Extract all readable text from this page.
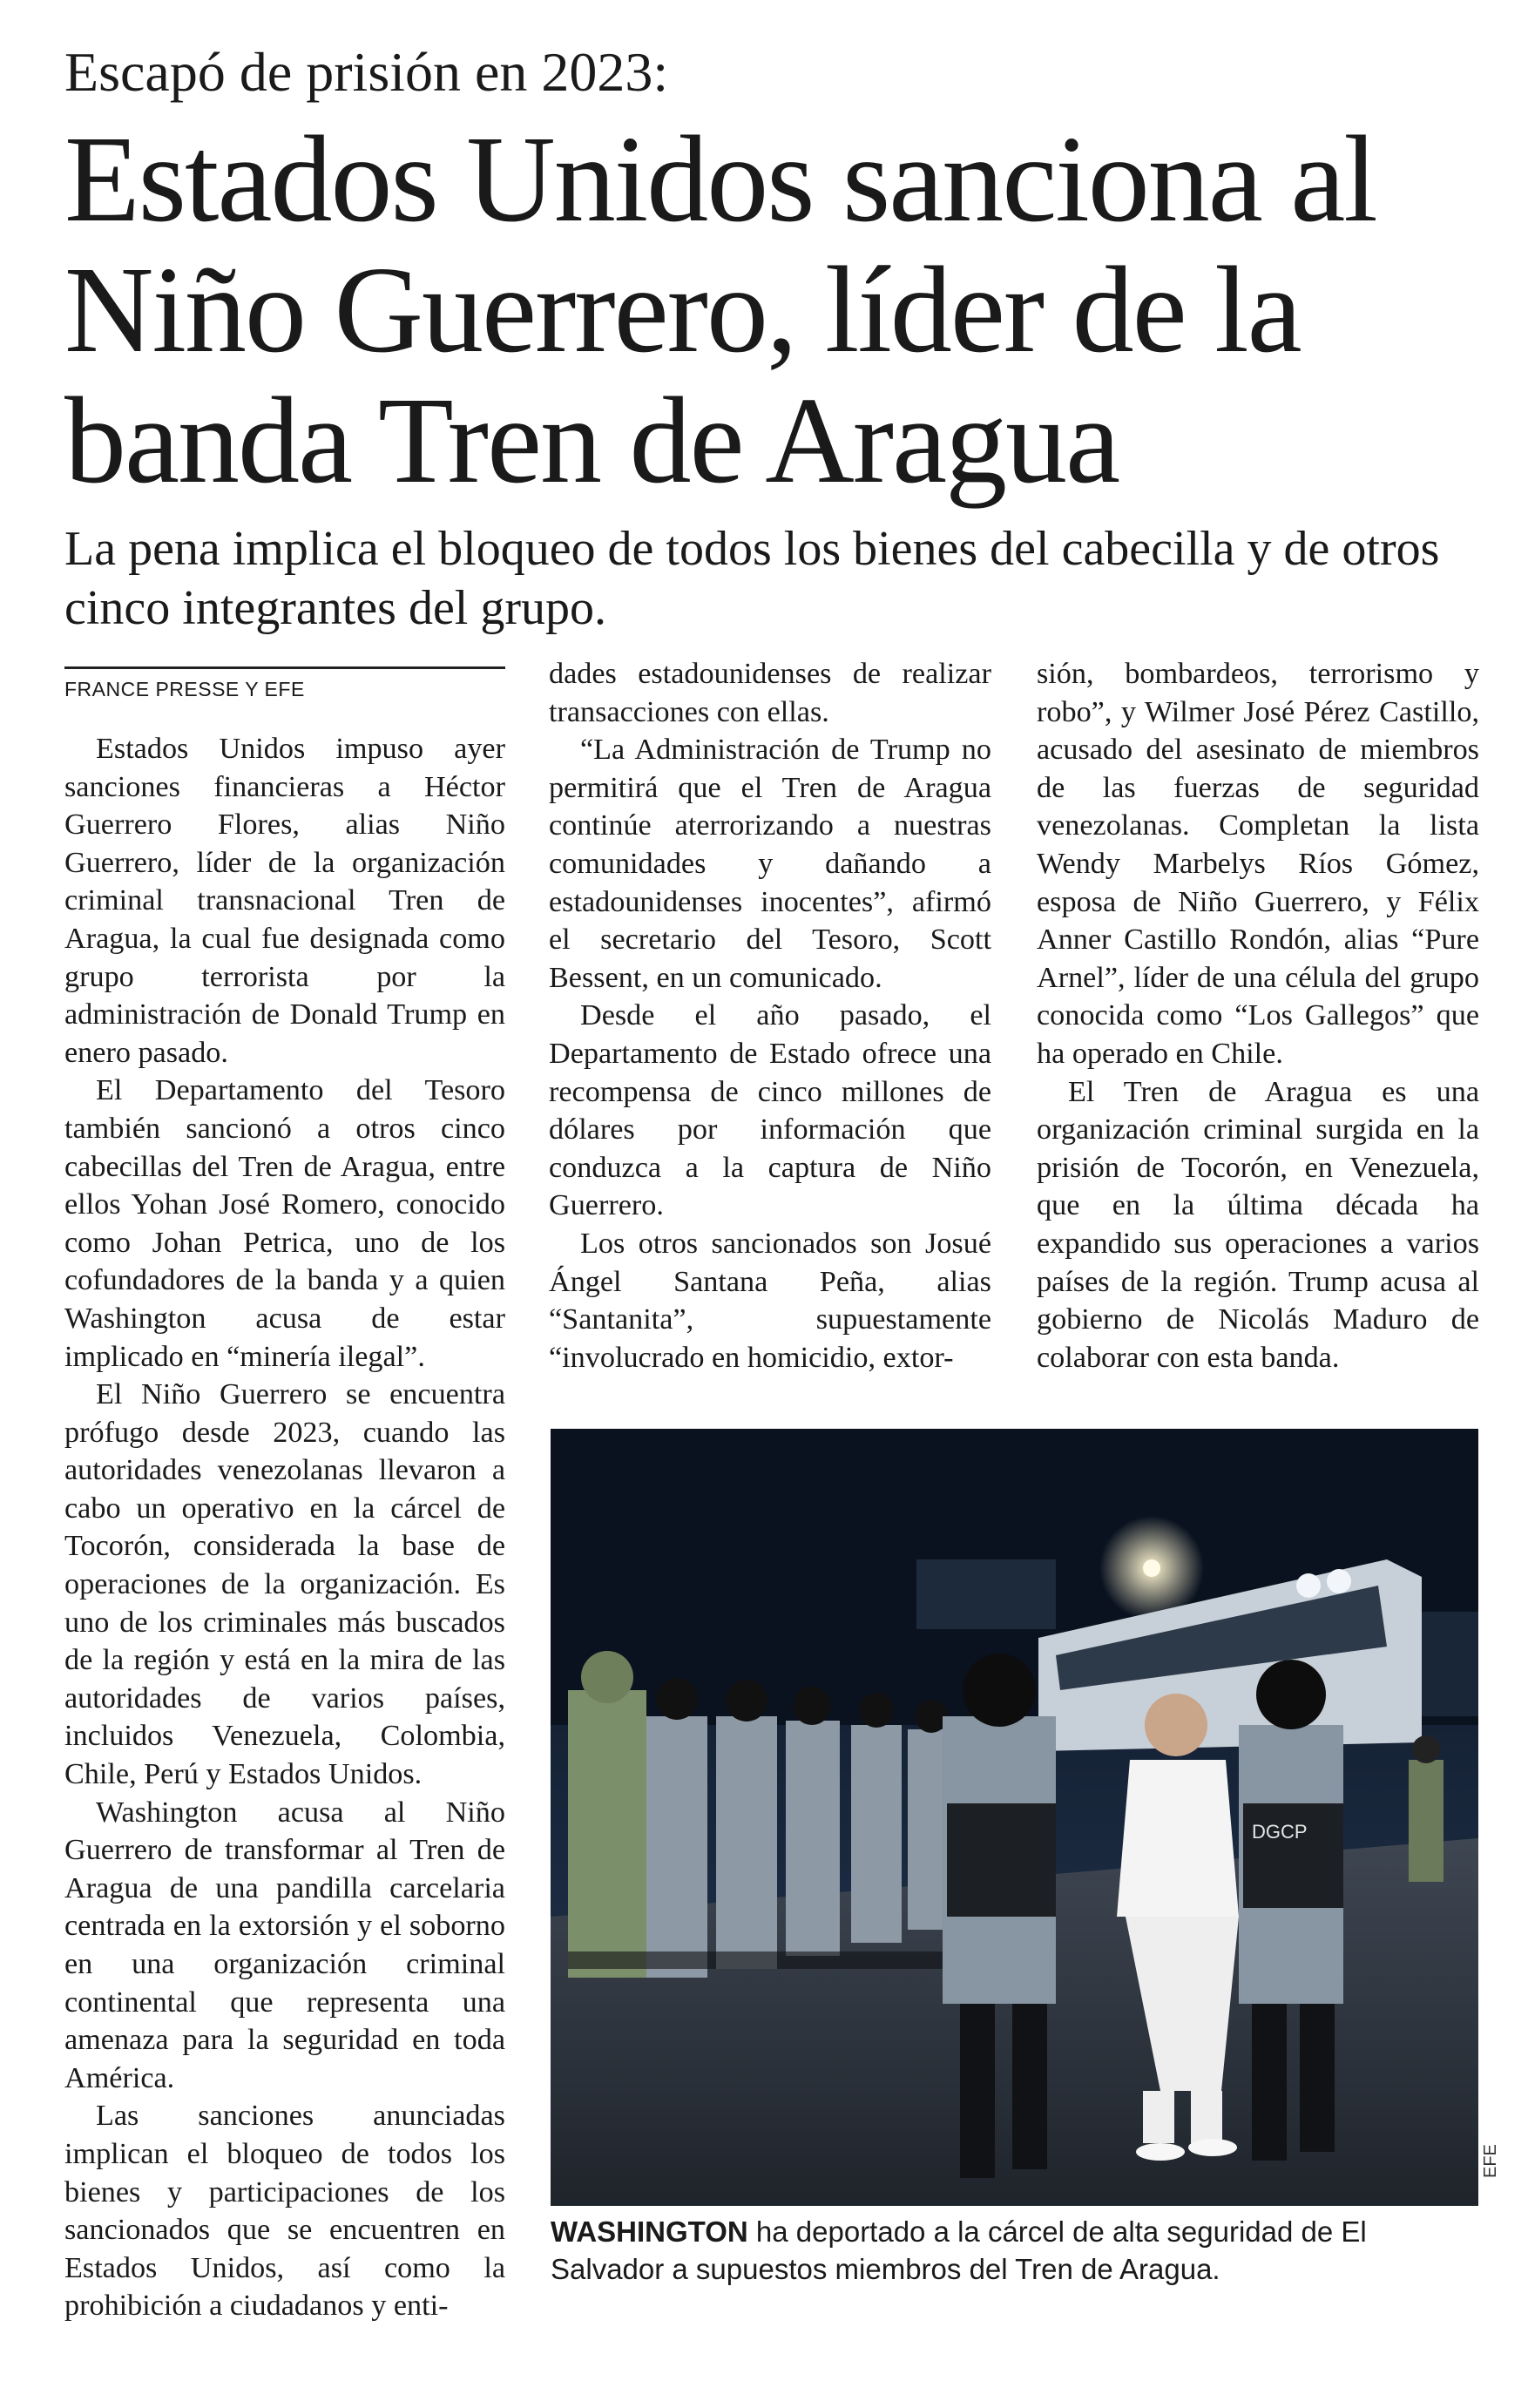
Escapó de prisión en 2023:
Estados Unidos sanciona al Niño Guerrero, líder de la banda Tren de Aragua

La pena implica el bloqueo de todos los bienes del cabecilla y de otros cinco integrantes del grupo.

FRANCE PRESSE Y EFE

Estados Unidos impuso ayer sanciones financieras a Héctor Guerrero Flores, alias Niño Guerrero, líder de la organización criminal transnacional Tren de Aragua, la cual fue designada como grupo terrorista por la administración de Donald Trump en enero pasado.

El Departamento del Tesoro también sancionó a otros cinco cabecillas del Tren de Aragua, entre ellos Yohan José Romero, conocido como Johan Petrica, uno de los cofundadores de la banda y a quien Washington acusa de estar implicado en “minería ilegal”.

El Niño Guerrero se encuentra prófugo desde 2023, cuando las autoridades venezolanas llevaron a cabo un operativo en la cárcel de Tocorón, considerada la base de operaciones de la organización. Es uno de los criminales más buscados de la región y está en la mira de las autoridades de varios países, incluidos Venezuela, Colombia, Chile, Perú y Estados Unidos.

Washington acusa al Niño Guerrero de transformar al Tren de Aragua de una pandilla carcelaria centrada en la extorsión y el soborno en una organización criminal continental que representa una amenaza para la seguridad en toda América.

Las sanciones anunciadas implican el bloqueo de todos los bienes y participaciones de los sancionados que se encuentren en Estados Unidos, así como la prohibición a ciudadanos y enti-

dades estadounidenses de realizar transacciones con ellas.

“La Administración de Trump no permitirá que el Tren de Aragua continúe aterrorizando a nuestras comunidades y dañando a estadounidenses inocentes”, afirmó el secretario del Tesoro, Scott Bessent, en un comunicado.

Desde el año pasado, el Departamento de Estado ofrece una recompensa de cinco millones de dólares por información que conduzca a la captura de Niño Guerrero.

Los otros sancionados son Josué Ángel Santana Peña, alias “Santanita”, supuestamente “involucrado en homicidio, extor-

sión, bombardeos, terrorismo y robo”, y Wilmer José Pérez Castillo, acusado del asesinato de miembros de las fuerzas de seguridad venezolanas. Completan la lista Wendy Marbelys Ríos Gómez, esposa de Niño Guerrero, y Félix Anner Castillo Rondón, alias “Pure Arnel”, líder de una célula del grupo conocida como “Los Gallegos” que ha operado en Chile.

El Tren de Aragua es una organización criminal surgida en la prisión de Tocorón, en Venezuela, que en la última década ha expandido sus operaciones a varios países de la región. Trump acusa al gobierno de Nicolás Maduro de colaborar con esta banda.

DGCP
EFE
WASHINGTON ha deportado a la cárcel de alta seguridad de El Salvador a supuestos miembros del Tren de Aragua.
